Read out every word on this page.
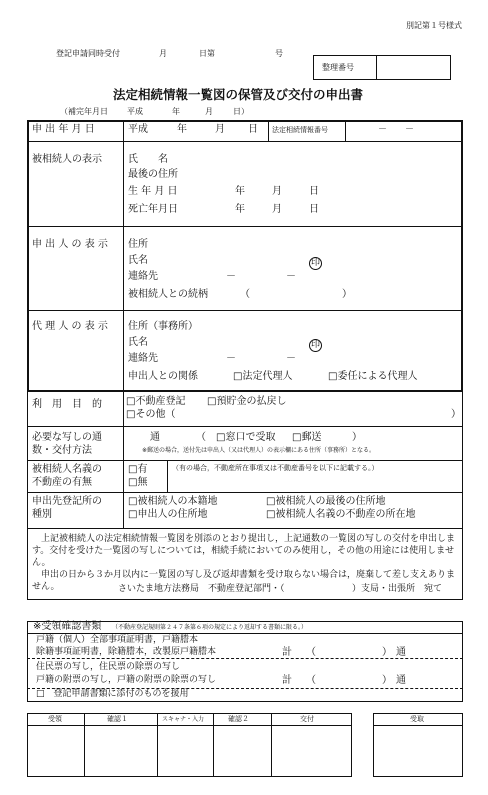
別記第１号様式
登記申請同時受付	月	日第	号
整理番号
法定相続情報一覧図の保管及び交付の申出書
（補完年月日 平成	年	月	日）
申 出 年 月 日	平成	年	月 日 法定相続情報番号	－　　－
被相続人の表示	氏　　名
最後の住所
生 年 月 日	年	月	日
死亡年月日	年	月	日
申 出 人 の 表 示 住所
氏名	印
連絡先	－	－
被相続人との続柄	（	）
代 理 人 の 表 示 住所（事務所）
氏名	印
連絡先	－	－
申出人との関係	□法定代理人	□委任による代理人
利　用　目　的 □不動産登記 □預貯金の払戻し
□その他（	）
必要な写しの通
数・交付方法
通	（ □窓口で受取 □郵送	）
※郵送の場合，送付先は申出人（又は代理人）の表示欄にある住所（事務所）となる。
被相続人名義の
不動産の有無
□有
□無
（有の場合，不動産所在事項又は不動産番号を以下に記載する。）
申出先登記所の
種別
□被相続人の本籍地	□被相続人の最後の住所地
□申出人の住所地	□被相続人名義の不動産の所在地
　上記被相続人の法定相続情報一覧図を別添のとおり提出し，上記通数の一覧図の写しの交付を申出します。交付を受けた一覧図の写しについては，相続手続においてのみ使用し，その他の用途には使用しません。
　申出の日から３か月以内に一覧図の写し及び返却書類を受け取らない場合は，廃棄して差し支えありません。	さいたま地方法務局　不動産登記部門・（	）支局・出張所　宛て
※受領確認書類 （不動産登記規則第２４７条第６項の規定により返却する書類に限る。）
戸籍（個人）全部事項証明書，戸籍謄本
除籍事項証明書，除籍謄本，改製原戸籍謄本	計 （	） 通
住民票の写し，住民票の除票の写し
戸籍の附票の写し，戸籍の附票の除票の写し	計 （	） 通
□　登記申請書類に添付のものを援用
受領	確認１	スキャナ・入力	確認２	交付	受取
